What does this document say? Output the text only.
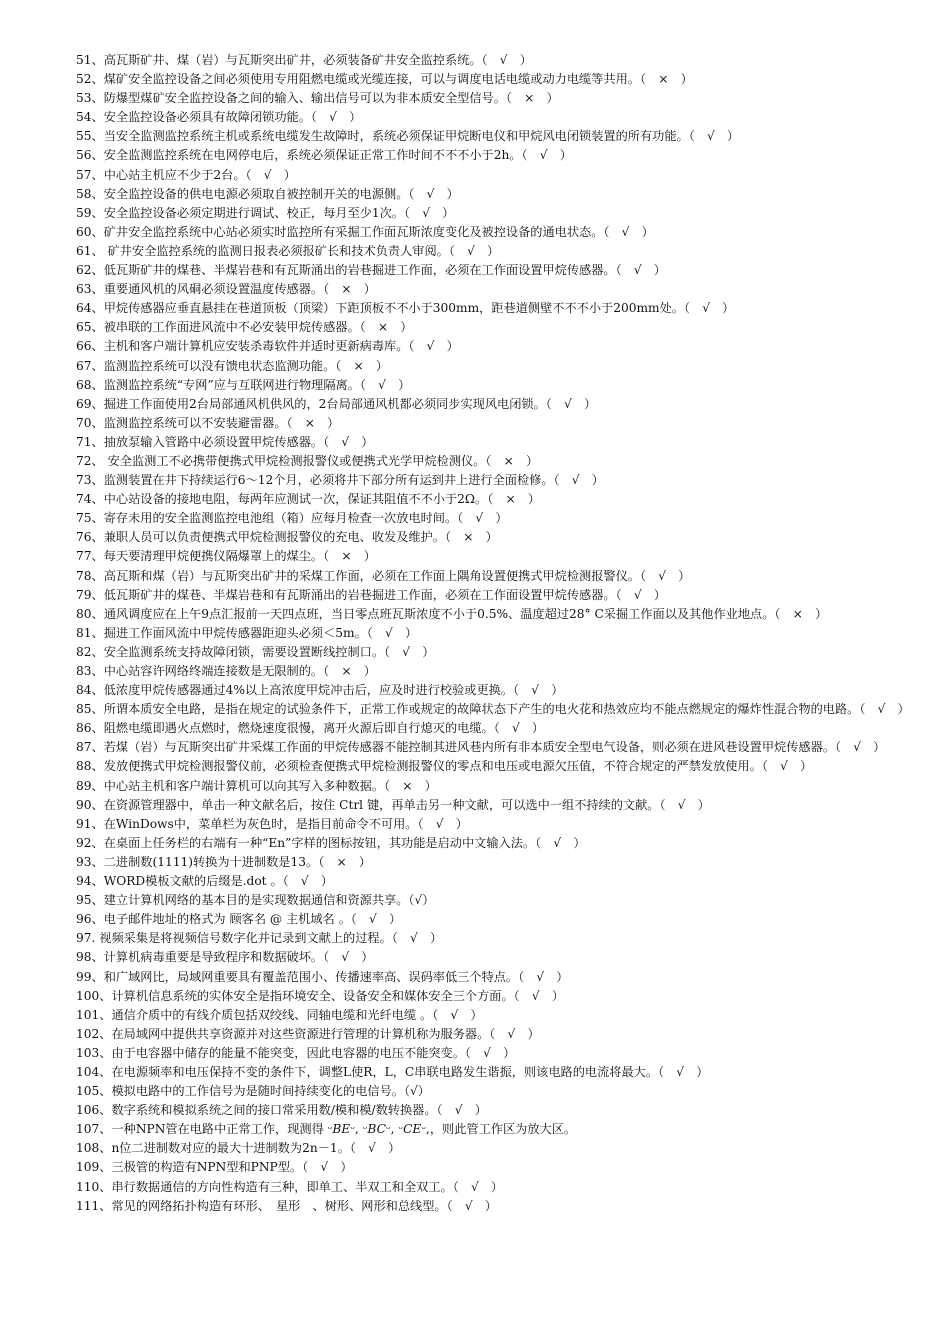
51、高瓦斯矿井、煤（岩）与瓦斯突出矿井，必须装备矿井安全监控系统。（　√　）
52、煤矿安全监控设备之间必须使用专用阻燃电缆或光缆连接，可以与调度电话电缆或动力电缆等共用。（　×　）
53、防爆型煤矿安全监控设备之间的输入、输出信号可以为非本质安全型信号。（　×　）
54、安全监控设备必须具有故障闭锁功能。（　√　）
55、当安全监测监控系统主机或系统电缆发生故障时，系统必须保证甲烷断电仪和甲烷风电闭锁装置的所有功能。（　√　）
56、安全监测监控系统在电网停电后，系统必须保证正常工作时间不不不小于2h。（　√　）
57、中心站主机应不少于2台。（　√　）
58、安全监控设备的供电电源必须取自被控制开关的电源侧。（　√　）
59、安全监控设备必须定期进行调试、校正，每月至少1次。（　√　）
60、矿井安全监控系统中心站必须实时监控所有采掘工作面瓦斯浓度变化及被控设备的通电状态。（　√　）
61、 矿井安全监控系统的监测日报表必须报矿长和技术负责人审阅。（　√　）
62、低瓦斯矿井的煤巷、半煤岩巷和有瓦斯涌出的岩巷掘进工作面，必须在工作面设置甲烷传感器。（　√　）
63、重要通风机的风硐必须设置温度传感器。（　×　）
64、甲烷传感器应垂直悬挂在巷道顶板（顶梁）下距顶板不不小于300mm，距巷道侧壁不不不小于200mm处。（　√　）
65、被串联的工作面进风流中不必安装甲烷传感器。（　×　）
66、主机和客户端计算机应安装杀毒软件并适时更新病毒库。（　√　）
67、监测监控系统可以没有馈电状态监测功能。（　×　）
68、监测监控系统“专网”应与互联网进行物理隔离。（　√　）
69、掘进工作面使用2台局部通风机供风的，2台局部通风机都必须同步实现风电闭锁。（　√　）
70、监测监控系统可以不安装避雷器。（　×　）
71、抽放泵输入管路中必须设置甲烷传感器。（　√　）
72、 安全监测工不必携带便携式甲烷检测报警仪或便携式光学甲烷检测仪。（　×　）
73、监测装置在井下持续运行6～12个月，必须将井下部分所有运到井上进行全面检修。（　√　）
74、中心站设备的接地电阻，每两年应测试一次，保证其阻值不不小于2Ω。（　×　）
75、寄存未用的安全监测监控电池组（箱）应每月检查一次放电时间。（　√　）
76、兼职人员可以负责便携式甲烷检测报警仪的充电、收发及维护。（　×　）
77、每天要清理甲烷便携仪隔爆罩上的煤尘。（　×　）
78、高瓦斯和煤（岩）与瓦斯突出矿井的采煤工作面，必须在工作面上隅角设置便携式甲烷检测报警仪。（　√　）
79、低瓦斯矿井的煤巷、半煤岩巷和有瓦斯涌出的岩巷掘进工作面，必须在工作面设置甲烷传感器。（　√　）
80、通风调度应在上午9点汇报前一天四点班，当日零点班瓦斯浓度不小于0.5%、温度超过28° C采掘工作面以及其他作业地点。（　×　）
81、掘进工作面风流中甲烷传感器距迎头必须＜5m。（　√　）
82、安全监测系统支持故障闭锁，需要设置断线控制口。（　√　）
83、中心站容许网络终端连接数是无限制的。（　×　）
84、低浓度甲烷传感器通过4%以上高浓度甲烷冲击后，应及时进行校验或更换。（　√　）
85、所谓本质安全电路，是指在规定的试验条件下，正常工作或规定的故障状态下产生的电火花和热效应均不能点燃规定的爆炸性混合物的电路。（　√　）
86、阻燃电缆即遇火点燃时，燃烧速度很慢，离开火源后即自行熄灭的电缆。（　√　）
87、若煤（岩）与瓦斯突出矿井采煤工作面的甲烷传感器不能控制其进风巷内所有非本质安全型电气设备，则必须在进风巷设置甲烷传感器。（　√　）
88、发放便携式甲烷检测报警仪前，必须检查便携式甲烷检测报警仪的零点和电压或电源欠压值，不符合规定的严禁发放使用。（　√　）
89、中心站主机和客户端计算机可以向其写入多种数据。（　×　）
90、在资源管理器中，单击一种文献名后，按住 Ctrl 键，再单击另一种文献，可以选中一组不持续的文献。（　√　）
91、在WinDows中，菜单栏为灰色时，是指目前命令不可用。（　√　）
92、在桌面上任务栏的右端有一种“En”字样的图标按钮，其功能是启动中文输入法。（　√　）
93、二进制数(1111)转换为十进制数是13。（　×　）
94、WORD模板文献的后缀是.dot 。（　√　）
95、建立计算机网络的基本目的是实现数据通信和资源共享。（√）
96、电子邮件地址的格式为 顾客名 @ 主机域名 。（　√　）
97. 视频采集是将视频信号数字化并记录到文献上的过程。（　√　）
98、计算机病毒重要是导致程序和数据破坏。（　√　）
99、和广域网比，局域网重要具有覆盖范围小、传播速率高、误码率低三个特点。（　√　）
100、计算机信息系统的实体安全是指环境安全、设备安全和媒体安全三个方面。（　√　）
101、通信介质中的有线介质包括双绞线、同轴电缆和光纤电缆 。（　√　）
102、在局域网中提供共享资源并对这些资源进行管理的计算机称为服务器。（　√　）
103、由于电容器中储存的能量不能突变，因此电容器的电压不能突变。（　√　）
104、在电源频率和电压保持不变的条件下，调整L使R，L，C串联电路发生谐振，则该电路的电流将最大。（　√　）
105、模拟电路中的工作信号为是随时间持续变化的电信号。（√）
106、数字系统和模拟系统之间的接口常采用数/模和模/数转换器。（　√　）
107、一种NPN管在电路中正常工作，现测得 ᵕBEᵕ, ᵕBCᵕ, ᵕCEᵕ,，则此管工作区为放大区。
108、n位二进制数对应的最大十进制数为2n－1。（　√　）
109、三极管的构造有NPN型和PNP型。（　√　）
110、串行数据通信的方向性构造有三种，即单工、半双工和全双工。（　√　）
111、常见的网络拓扑构造有环形、　星形　、树形、网形和总线型。（　√　）
